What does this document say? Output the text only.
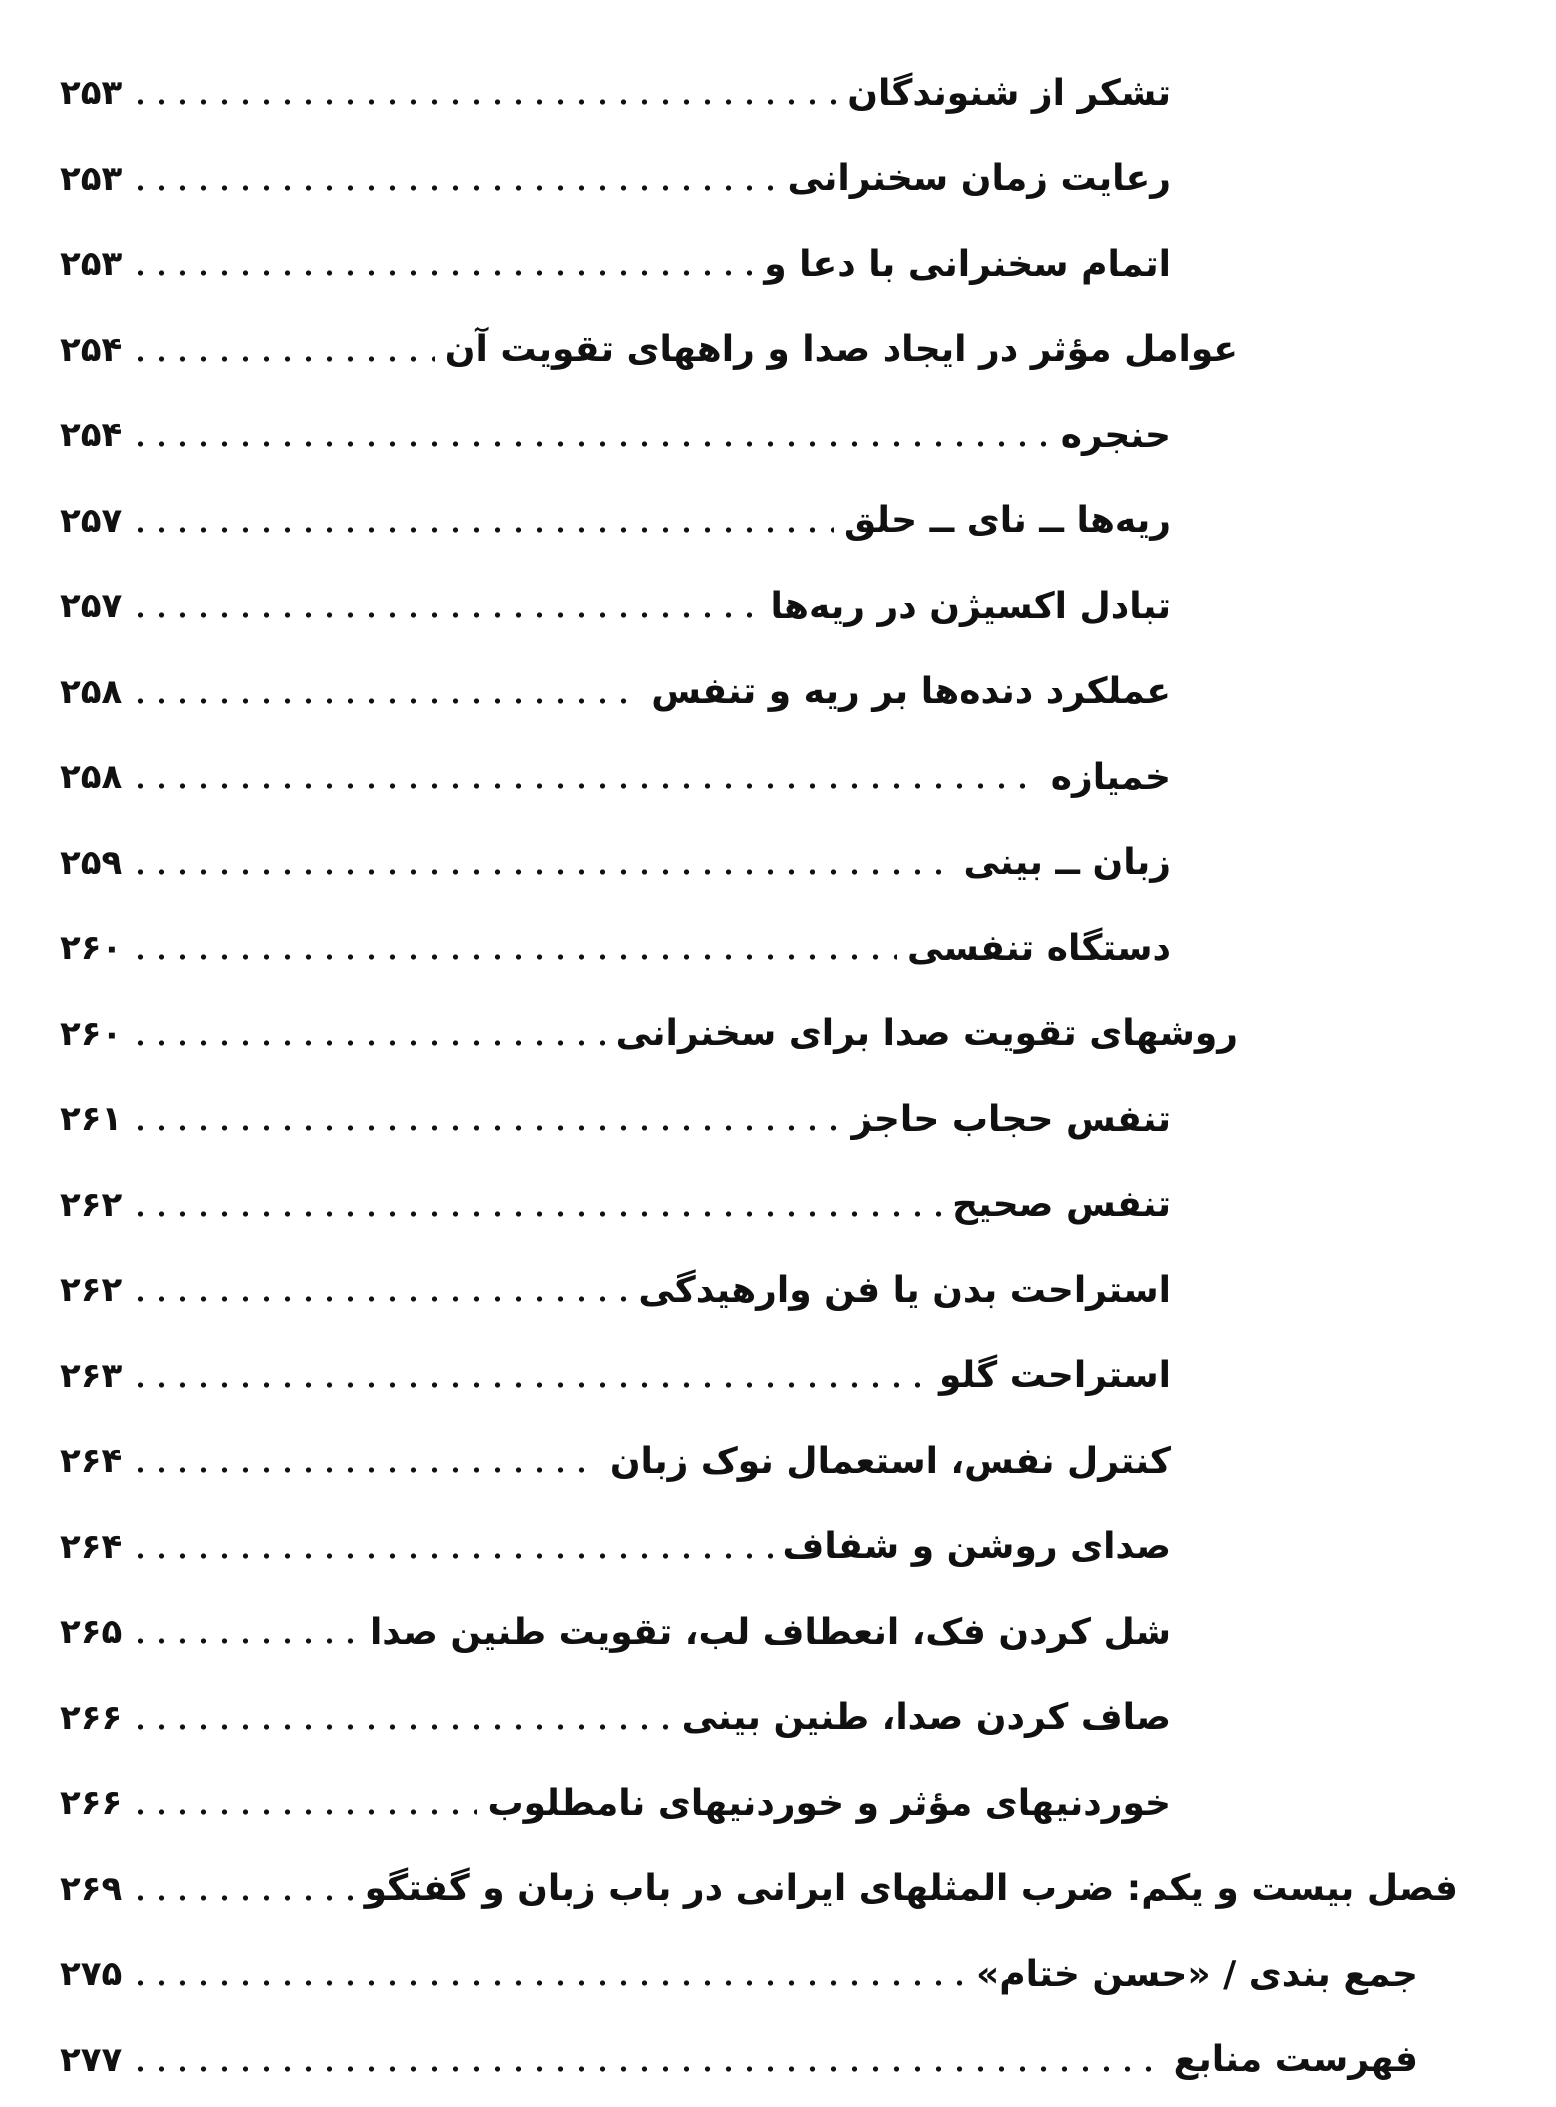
۲۵۳	تشکر از شنوندگان
۲۵۳	رعایت زمان سخنرانی
۲۵۳	اتمام سخنرانی با دعا و
۲۵۴	عوامل مؤثر در ایجاد صدا و راههای تقویت آن
۲۵۴	حنجره
۲۵۷	ریه‌ها ــ نای ــ حلق
۲۵۷	تبادل اکسیژن در ریه‌ها
۲۵۸	عملکرد دنده‌ها بر ریه و تنفس
۲۵۸	خمیازه
۲۵۹	زبان ــ بینی
۲۶۰	دستگاه تنفسی
۲۶۰	روشهای تقویت صدا برای سخنرانی
۲۶۱	تنفس حجاب حاجز
۲۶۲	تنفس صحیح
۲۶۲	استراحت بدن یا فن وارهیدگی
۲۶۳	استراحت گلو
۲۶۴	کنترل نفس، استعمال نوک زبان
۲۶۴	صدای روشن و شفاف
۲۶۵	شل کردن فک، انعطاف لب، تقویت طنین صدا
۲۶۶	صاف کردن صدا، طنین بینی
۲۶۶	خوردنیهای مؤثر و خوردنیهای نامطلوب
۲۶۹	فصل بیست و یکم: ضرب المثلهای ایرانی در باب زبان و گفتگو
۲۷۵	جمع بندی / «حسن ختام»
۲۷۷	فهرست منابع
